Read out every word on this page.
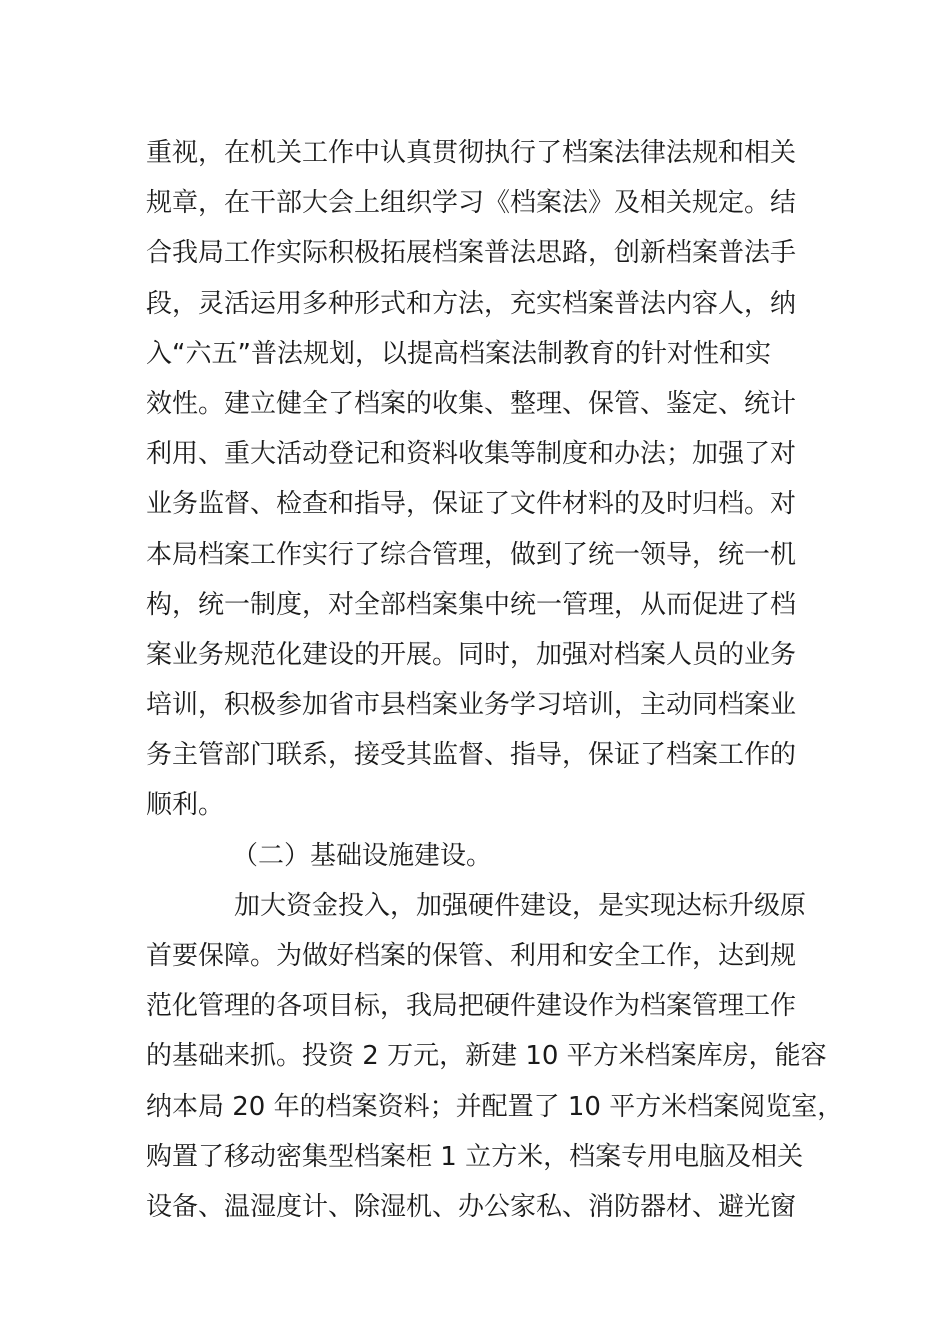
重视，在机关工作中认真贯彻执行了档案法律法规和相关

规章，在干部大会上组织学习《档案法》及相关规定。结

合我局工作实际积极拓展档案普法思路，创新档案普法手

段，灵活运用多种形式和方法，充实档案普法内容人，纳

入“六五”普法规划，以提高档案法制教育的针对性和实

效性。建立健全了档案的收集、整理、保管、鉴定、统计

利用、重大活动登记和资料收集等制度和办法；加强了对

业务监督、检查和指导，保证了文件材料的及时归档。对

本局档案工作实行了综合管理，做到了统一领导，统一机

构，统一制度，对全部档案集中统一管理，从而促进了档

案业务规范化建设的开展。同时，加强对档案人员的业务

培训，积极参加省市县档案业务学习培训，主动同档案业

务主管部门联系，接受其监督、指导，保证了档案工作的

顺利。

（二）基础设施建设。

加大资金投入，加强硬件建设，是实现达标升级原

首要保障。为做好档案的保管、利用和安全工作，达到规

范化管理的各项目标，我局把硬件建设作为档案管理工作

的基础来抓。投资 2 万元，新建 10 平方米档案库房，能容

纳本局 20 年的档案资料；并配置了 10 平方米档案阅览室，

购置了移动密集型档案柜 1 立方米，档案专用电脑及相关

设备、温湿度计、除湿机、办公家私、消防器材、避光窗
